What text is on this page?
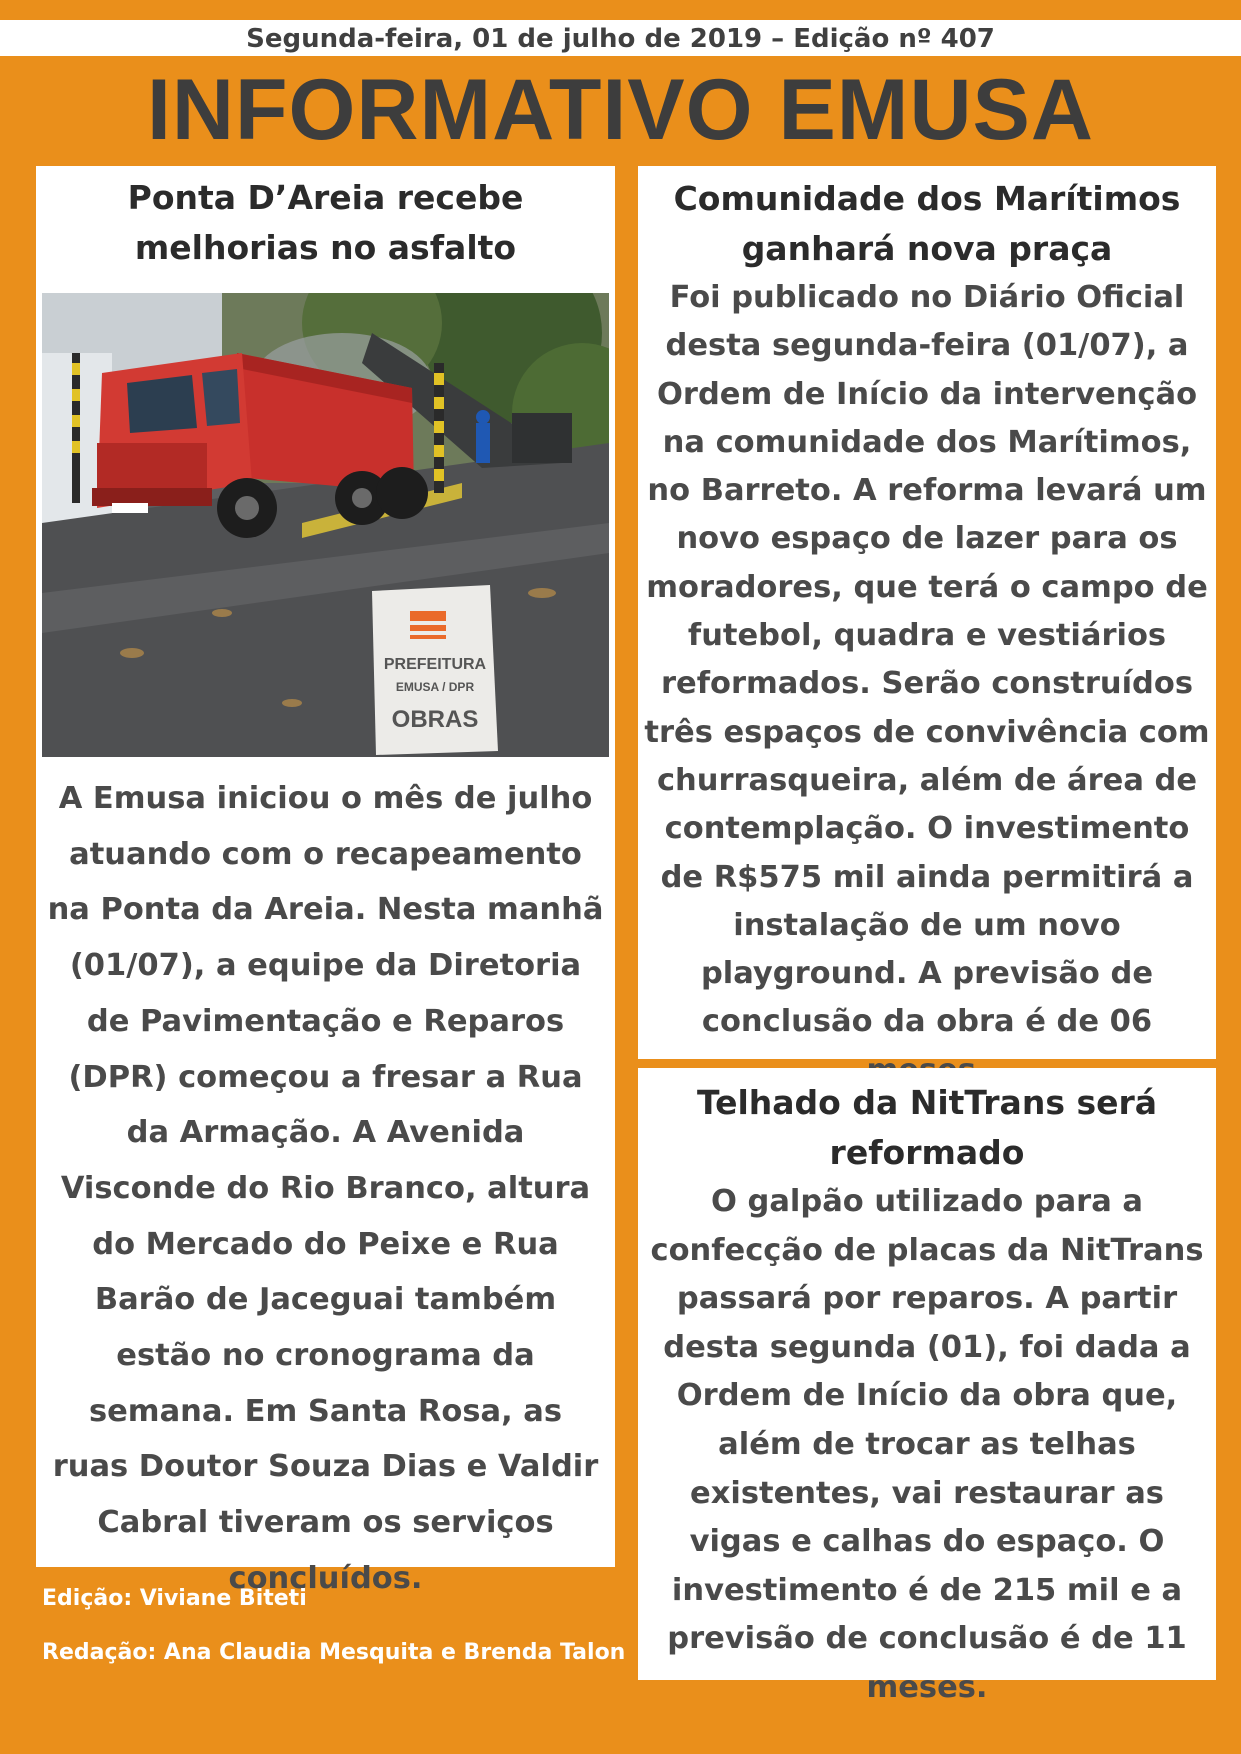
Segunda-feira, 01 de julho de 2019 – Edição nº 407
INFORMATIVO EMUSA
Ponta D’Areia recebe melhorias no asfalto
PREFEITURA
EMUSA / DPR
OBRAS
A Emusa iniciou o mês de julho atuando com o recapeamento na Ponta da Areia. Nesta manhã (01/07), a equipe da Diretoria de Pavimentação e Reparos (DPR) começou a fresar a Rua da Armação. A Avenida Visconde do Rio Branco, altura do Mercado do Peixe e Rua Barão de Jaceguai também estão no cronograma da semana. Em Santa Rosa, as ruas Doutor Souza Dias e Valdir Cabral tiveram os serviços concluídos.
Comunidade dos Marítimos ganhará nova praça
Foi publicado no Diário Oficial desta segunda-feira (01/07), a Ordem de Início da intervenção na comunidade dos Marítimos, no Barreto. A reforma levará um novo espaço de lazer para os moradores, que terá o campo de futebol, quadra e vestiários reformados. Serão construídos três espaços de convivência com churrasqueira, além de área de contemplação. O investimento de R$575 mil ainda permitirá a instalação de um novo playground. A previsão de conclusão da obra é de 06
Telhado da NitTrans será reformado
O galpão utilizado para a confecção de placas da NitTrans passará por reparos. A partir desta segunda (01), foi dada a Ordem de Início da obra que, além de trocar as telhas existentes, vai restaurar as vigas e calhas do espaço. O investimento é de 215 mil e a previsão de conclusão é de 11 meses.
Edição: Viviane Biteti
Redação: Ana Claudia Mesquita e Brenda Talon
